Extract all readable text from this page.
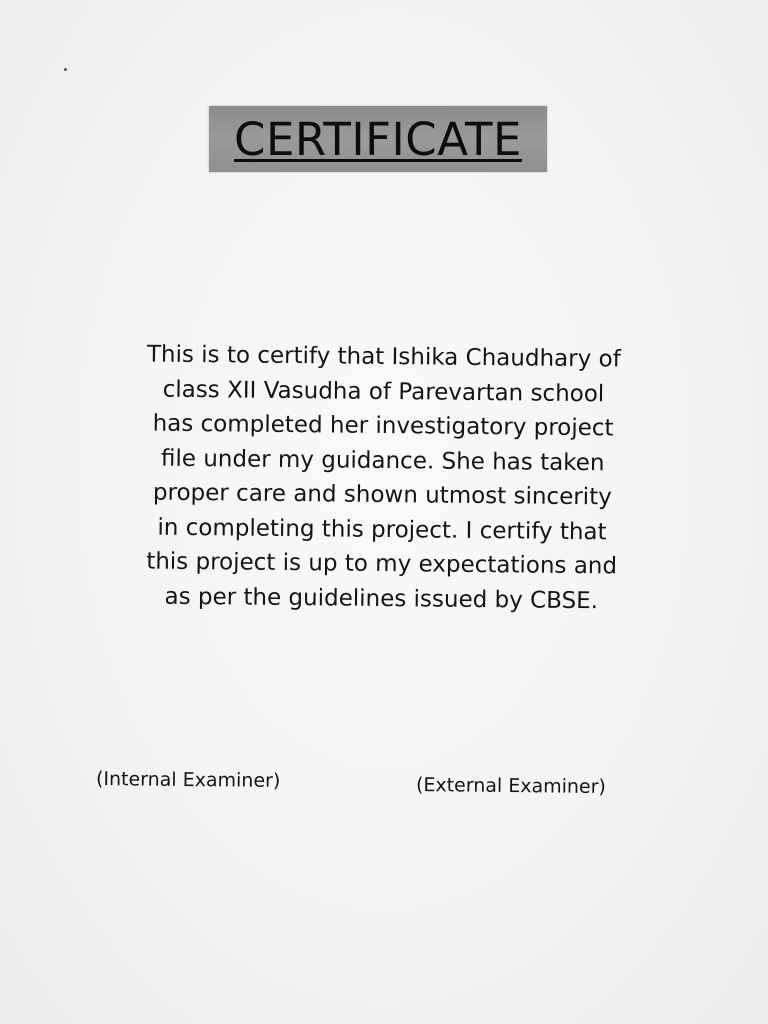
CERTIFICATE
This is to certify that Ishika Chaudhary of
class XII Vasudha of Parevartan school
has completed her investigatory project
file under my guidance. She has taken
proper care and shown utmost sincerity
in completing this project. I certify that
this project is up to my expectations and
as per the guidelines issued by CBSE.

(Internal Examiner)	(External Examiner)
